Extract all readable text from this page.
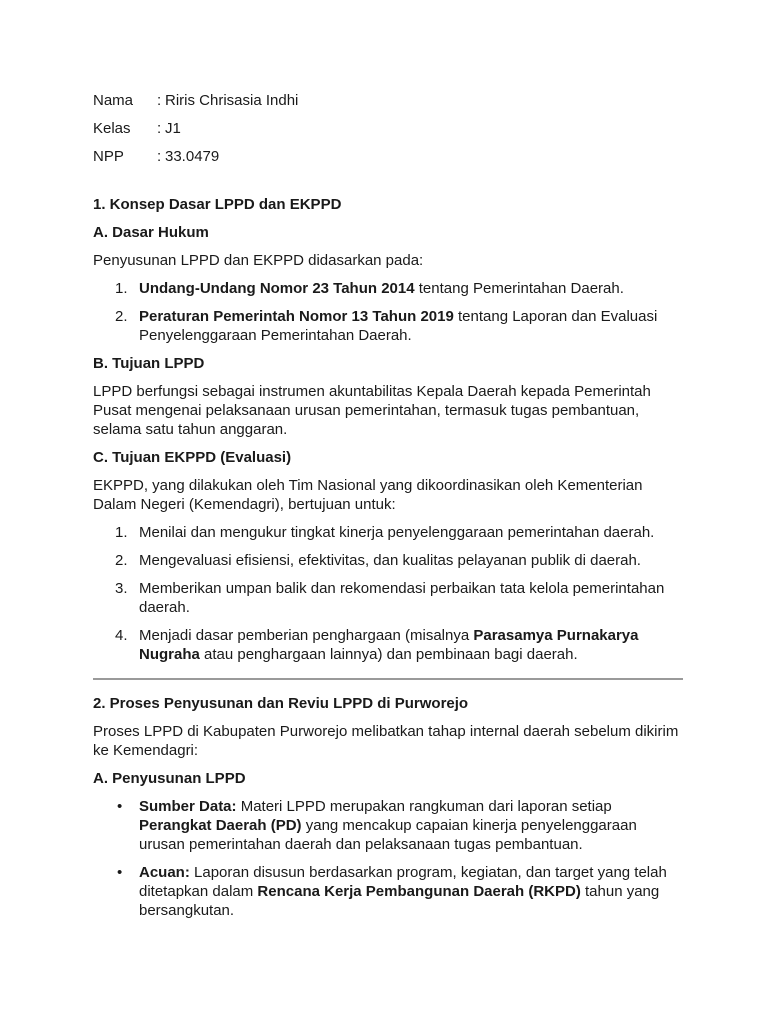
Nama	: Riris Chrisasia Indhi
Kelas	: J1
NPP	: 33.0479
1. Konsep Dasar LPPD dan EKPPD
A. Dasar Hukum

Penyusunan LPPD dan EKPPD didasarkan pada:

1. Undang-Undang Nomor 23 Tahun 2014 tentang Pemerintahan Daerah.
2. Peraturan Pemerintah Nomor 13 Tahun 2019 tentang Laporan dan Evaluasi Penyelenggaraan Pemerintahan Daerah.
B. Tujuan LPPD

LPPD berfungsi sebagai instrumen akuntabilitas Kepala Daerah kepada Pemerintah Pusat mengenai pelaksanaan urusan pemerintahan, termasuk tugas pembantuan, selama satu tahun anggaran.

C. Tujuan EKPPD (Evaluasi)

EKPPD, yang dilakukan oleh Tim Nasional yang dikoordinasikan oleh Kementerian Dalam Negeri (Kemendagri), bertujuan untuk:

1. Menilai dan mengukur tingkat kinerja penyelenggaraan pemerintahan daerah.
2. Mengevaluasi efisiensi, efektivitas, dan kualitas pelayanan publik di daerah.
3. Memberikan umpan balik dan rekomendasi perbaikan tata kelola pemerintahan daerah.
4. Menjadi dasar pemberian penghargaan (misalnya Parasamya Purnakarya Nugraha atau penghargaan lainnya) dan pembinaan bagi daerah.
2. Proses Penyusunan dan Reviu LPPD di Purworejo

Proses LPPD di Kabupaten Purworejo melibatkan tahap internal daerah sebelum dikirim ke Kemendagri:

A. Penyusunan LPPD
•	Sumber Data: Materi LPPD merupakan rangkuman dari laporan setiap Perangkat Daerah (PD) yang mencakup capaian kinerja penyelenggaraan urusan pemerintahan daerah dan pelaksanaan tugas pembantuan.
•	Acuan: Laporan disusun berdasarkan program, kegiatan, dan target yang telah ditetapkan dalam Rencana Kerja Pembangunan Daerah (RKPD) tahun yang bersangkutan.
